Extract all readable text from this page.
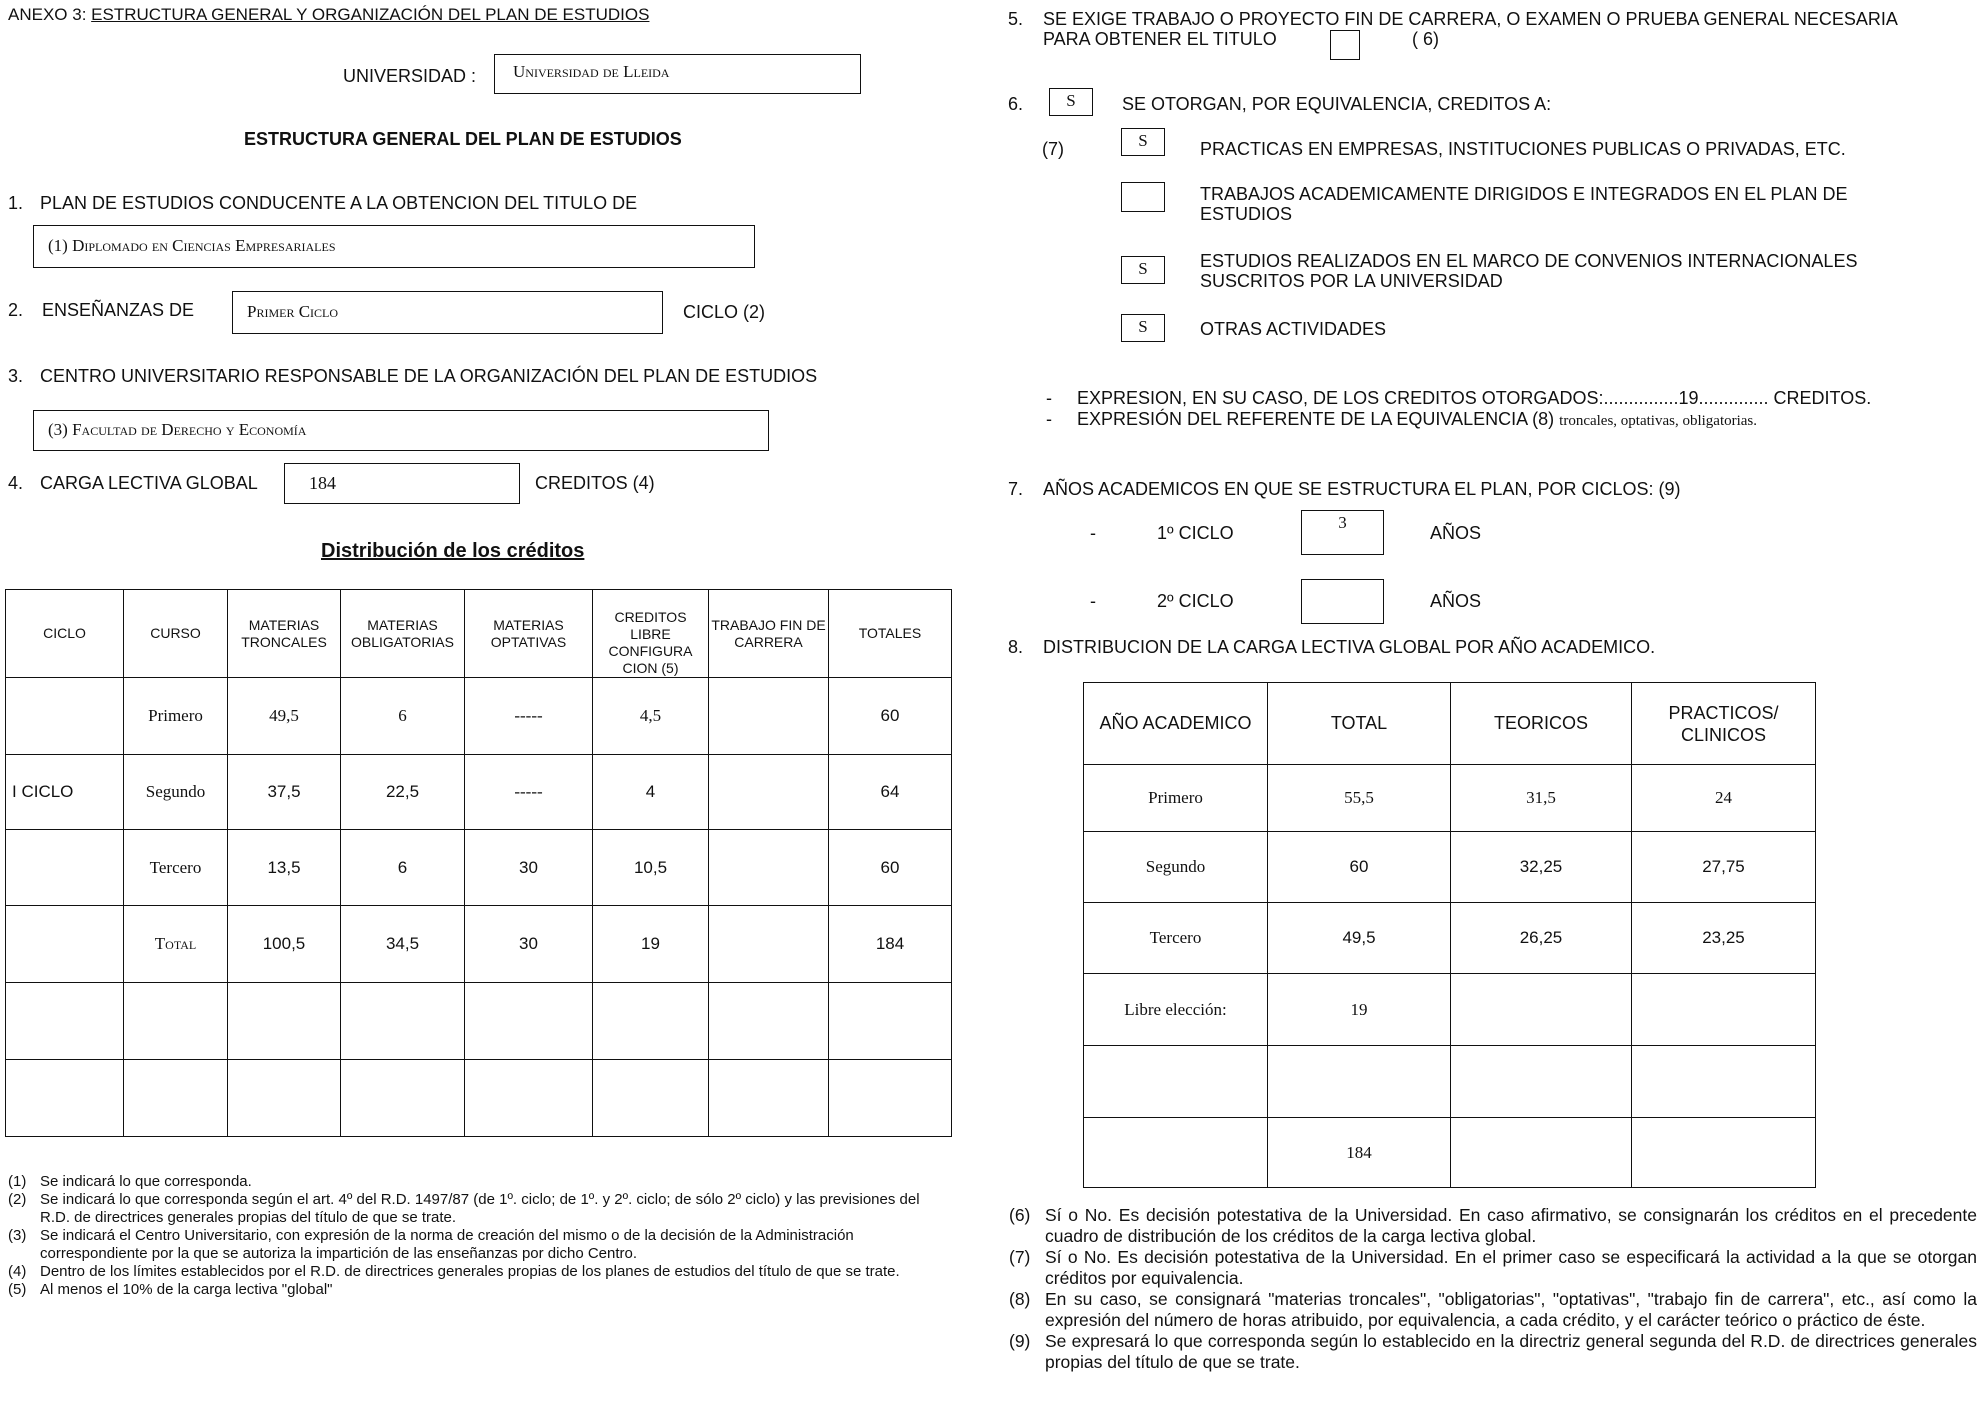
ANEXO 3: ESTRUCTURA GENERAL Y ORGANIZACIÓN DEL PLAN DE ESTUDIOS
UNIVERSIDAD : Universidad de Lleida
ESTRUCTURA GENERAL DEL PLAN DE ESTUDIOS
1. PLAN DE ESTUDIOS CONDUCENTE A LA OBTENCION DEL TITULO DE
(1) Diplomado en Ciencias Empresariales
2. ENSEÑANZAS DE	Primer Ciclo	CICLO (2)
3. CENTRO UNIVERSITARIO RESPONSABLE DE LA ORGANIZACIÓN DEL PLAN DE ESTUDIOS
(3) Facultad de Derecho y Economía
4. CARGA LECTIVA GLOBAL	184	CREDITOS (4)
Distribución de los créditos
CICLO	CURSO	MATERIAS TRONCALES	MATERIAS OBLIGATORIAS	MATERIAS OPTATIVAS	CREDITOS LIBRE CONFIGURA CION (5)	TRABAJO FIN DE CARRERA	TOTALES
	Primero	49,5	6	-----	4,5		60
I CICLO	Segundo	37,5	22,5	-----	4		64
	Tercero	13,5	6	30	10,5		60
	Total	100,5	34,5	30	19		184

(1) Se indicará lo que corresponda.
(2) Se indicará lo que corresponda según el art. 4º del R.D. 1497/87 (de 1º. ciclo; de 1º. y 2º. ciclo; de sólo 2º ciclo) y las previsiones del R.D. de directrices generales propias del título de que se trate.
(3) Se indicará el Centro Universitario, con expresión de la norma de creación del mismo o de la decisión de la Administración correspondiente por la que se autoriza la impartición de las enseñanzas por dicho Centro.
(4) Dentro de los límites establecidos por el R.D. de directrices generales propias de los planes de estudios del título de que se trate.
(5) Al menos el 10% de la carga lectiva "global"
5. SE EXIGE TRABAJO O PROYECTO FIN DE CARRERA, O EXAMEN O PRUEBA GENERAL NECESARIA
PARA OBTENER EL TITULO	( 6)
6.	S	SE OTORGAN, POR EQUIVALENCIA, CREDITOS A:
(7)	S	PRACTICAS EN EMPRESAS, INSTITUCIONES PUBLICAS O PRIVADAS, ETC.
TRABAJOS ACADEMICAMENTE DIRIGIDOS E INTEGRADOS EN EL PLAN DE ESTUDIOS
S	ESTUDIOS REALIZADOS EN EL MARCO DE CONVENIOS INTERNACIONALES SUSCRITOS POR LA UNIVERSIDAD
S	OTRAS ACTIVIDADES
-     EXPRESION, EN SU CASO, DE LOS CREDITOS OTORGADOS:...............19.............. CREDITOS.
-     EXPRESIÓN DEL REFERENTE DE LA EQUIVALENCIA (8) troncales, optativas, obligatorias.
7. AÑOS ACADEMICOS EN QUE SE ESTRUCTURA EL PLAN, POR CICLOS: (9)
-	1º CICLO
3
AÑOS
-	2º CICLO	AÑOS
8. DISTRIBUCION DE LA CARGA LECTIVA GLOBAL POR AÑO ACADEMICO.
AÑO ACADEMICO	TOTAL	TEORICOS	PRACTICOS/ CLINICOS
Primero	55,5	31,5	24
Segundo	60	32,25	27,75
Tercero	49,5	26,25	23,25
Libre elección:	19		

	184		
(6) Sí o No. Es decisión potestativa de la Universidad. En caso afirmativo, se consignarán los créditos en el precedente cuadro de distribución de los créditos de la carga lectiva global.
(7) Sí o No. Es decisión potestativa de la Universidad. En el primer caso se especificará la actividad a la que se otorgan créditos por equivalencia.
(8) En su caso, se consignará "materias troncales", "obligatorias", "optativas", "trabajo fin de carrera", etc., así como la expresión del número de horas atribuido, por equivalencia, a cada crédito, y el carácter teórico o práctico de éste.
(9) Se expresará lo que corresponda según lo establecido en la directriz general segunda del R.D. de directrices generales propias del título de que se trate.
